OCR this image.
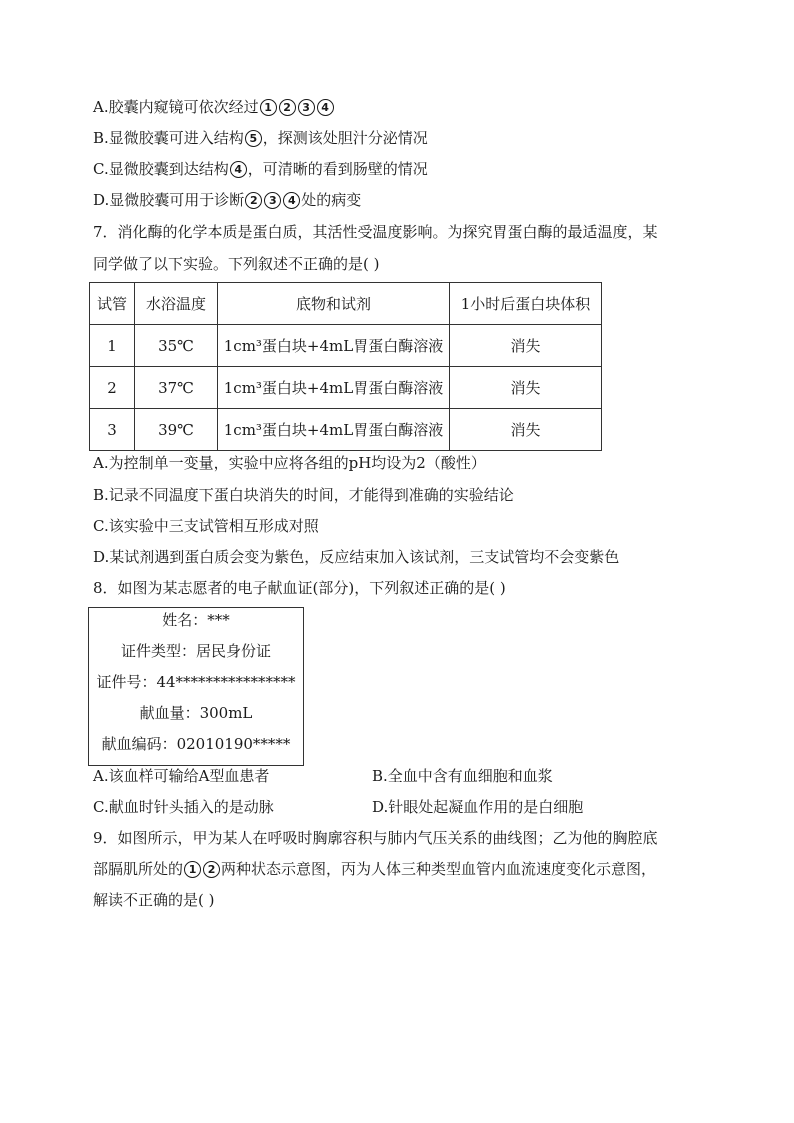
A.胶囊内窥镜可依次经过 1 2 3 4
B.显微胶囊可进入结构 5 ，探测该处胆汁分泌情况
C.显微胶囊到达结构 4 ，可清晰的看到肠壁的情况
D.显微胶囊可用于诊断 2 3 4 处的病变
7．消化酶的化学本质是蛋白质，其活性受温度影响。为探究胃蛋白酶的最适温度，某
同学做了以下实验。下列叙述不正确的是( )
试管	水浴温度	底物和试剂	1小时后蛋白块体积
1	35℃	1cm³蛋白块+4mL胃蛋白酶溶液	消失
2	37℃	1cm³蛋白块+4mL胃蛋白酶溶液	消失
3	39℃	1cm³蛋白块+4mL胃蛋白酶溶液	消失
A.为控制单一变量，实验中应将各组的pH均设为2（酸性）
B.记录不同温度下蛋白块消失的时间，才能得到准确的实验结论
C.该实验中三支试管相互形成对照
D.某试剂遇到蛋白质会变为紫色，反应结束加入该试剂，三支试管均不会变紫色
8．如图为某志愿者的电子献血证(部分)，下列叙述正确的是( )
姓名：***
证件类型：居民身份证
证件号：44****************
献血量：300mL
献血编码：02010190*****
A.该血样可输给A型血患者	B.全血中含有血细胞和血浆
C.献血时针头插入的是动脉	D.针眼处起凝血作用的是白细胞
9．如图所示，甲为某人在呼吸时胸廓容积与肺内气压关系的曲线图；乙为他的胸腔底
部膈肌所处的 1 2 两种状态示意图，丙为人体三种类型血管内血流速度变化示意图，
解读不正确的是( )
